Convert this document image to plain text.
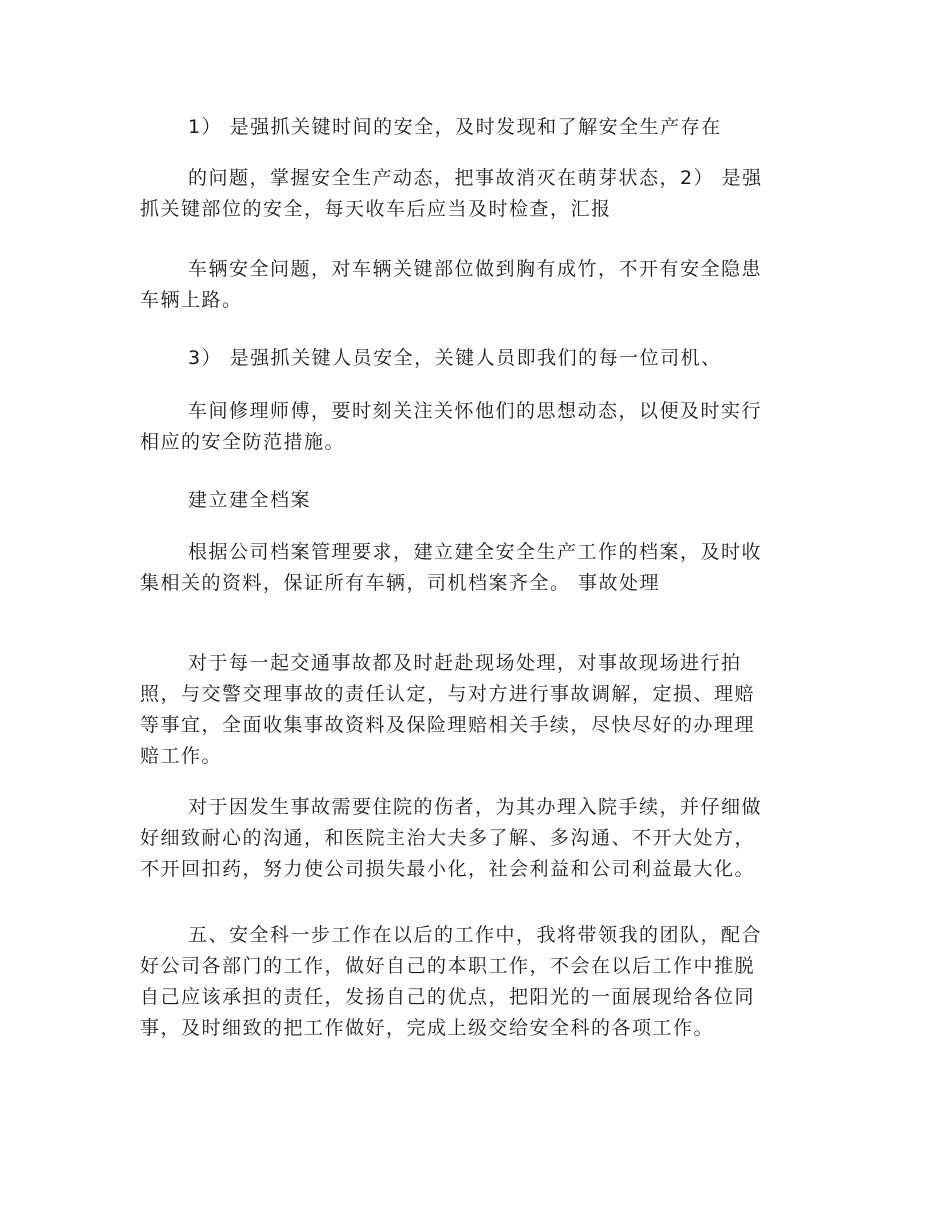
1） 是强抓关键时间的安全，及时发现和了解安全生产存在

的问题，掌握安全生产动态，把事故消灭在萌芽状态，2） 是强
抓关键部位的安全，每天收车后应当及时检查，汇报

车辆安全问题，对车辆关键部位做到胸有成竹，不开有安全隐患
车辆上路。

3） 是强抓关键人员安全，关键人员即我们的每一位司机、

车间修理师傅，要时刻关注关怀他们的思想动态，以便及时实行
相应的安全防范措施。

建立建全档案

根据公司档案管理要求，建立建全安全生产工作的档案，及时收
集相关的资料，保证所有车辆，司机档案齐全。 事故处理

对于每一起交通事故都及时赶赴现场处理，对事故现场进行拍
照，与交警交理事故的责任认定，与对方进行事故调解，定损、理赔
等事宜，全面收集事故资料及保险理赔相关手续，尽快尽好的办理理
赔工作。

对于因发生事故需要住院的伤者，为其办理入院手续，并仔细做
好细致耐心的沟通，和医院主治大夫多了解、多沟通、不开大处方，
不开回扣药，努力使公司损失最小化，社会利益和公司利益最大化。

五、安全科一步工作在以后的工作中，我将带领我的团队，配合
好公司各部门的工作，做好自己的本职工作，不会在以后工作中推脱
自己应该承担的责任，发扬自己的优点，把阳光的一面展现给各位同
事，及时细致的把工作做好，完成上级交给安全科的各项工作。
